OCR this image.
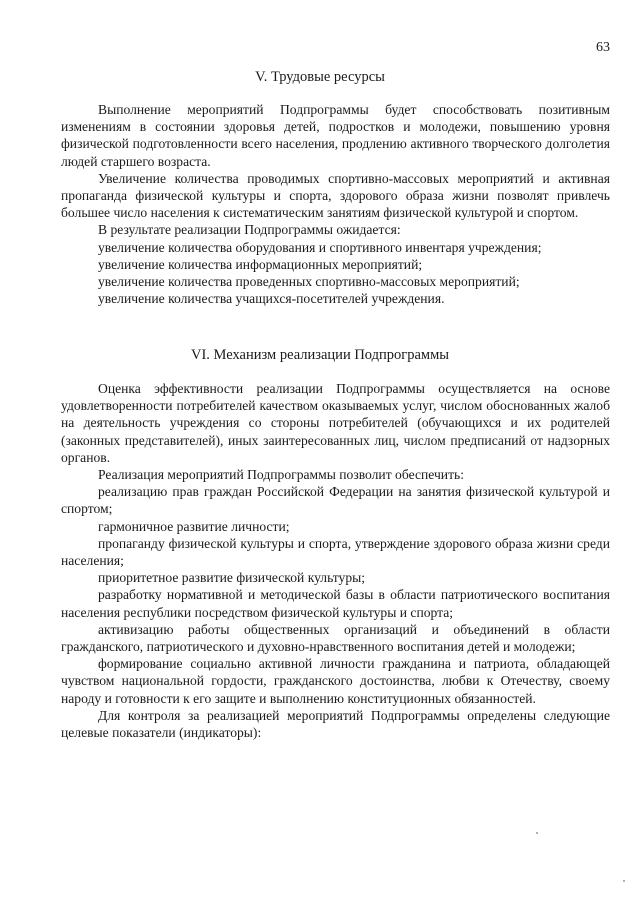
63
V. Трудовые ресурсы

Выполнение мероприятий Подпрограммы будет способствовать позитивным изменениям в состоянии здоровья детей, подростков и молодежи, повышению уровня физической подготовленности всего населения, продлению активного творческого долголетия людей старшего возраста.

Увеличение количества проводимых спортивно-массовых мероприятий и активная пропаганда физической культуры и спорта, здорового образа жизни позволят привлечь большее число населения к систематическим занятиям физической культурой и спортом.

В результате реализации Подпрограммы ожидается:

увеличение количества оборудования и спортивного инвентаря учреждения;

увеличение количества информационных мероприятий;

увеличение количества проведенных спортивно-массовых мероприятий;

увеличение количества учащихся-посетителей учреждения.

VI. Механизм реализации Подпрограммы

Оценка эффективности реализации Подпрограммы осуществляется на основе удовлетворенности потребителей качеством оказываемых услуг, числом обоснованных жалоб на деятельность учреждения со стороны потребителей (обучающихся и их родителей (законных представителей), иных заинтересованных лиц, числом предписаний от надзорных органов.

Реализация мероприятий Подпрограммы позволит обеспечить:

реализацию прав граждан Российской Федерации на занятия физической культурой и спортом;

гармоничное развитие личности;

пропаганду физической культуры и спорта, утверждение здорового образа жизни среди населения;

приоритетное развитие физической культуры;

разработку нормативной и методической базы в области патриотического воспитания населения республики посредством физической культуры и спорта;

активизацию работы общественных организаций и объединений в области гражданского, патриотического и духовно-нравственного воспитания детей и молодежи;

формирование социально активной личности гражданина и патриота, обладающей чувством национальной гордости, гражданского достоинства, любви к Отечеству, своему народу и готовности к его защите и выполнению конституционных обязанностей.

Для контроля за реализацией мероприятий Подпрограммы определены следующие целевые показатели (индикаторы):
